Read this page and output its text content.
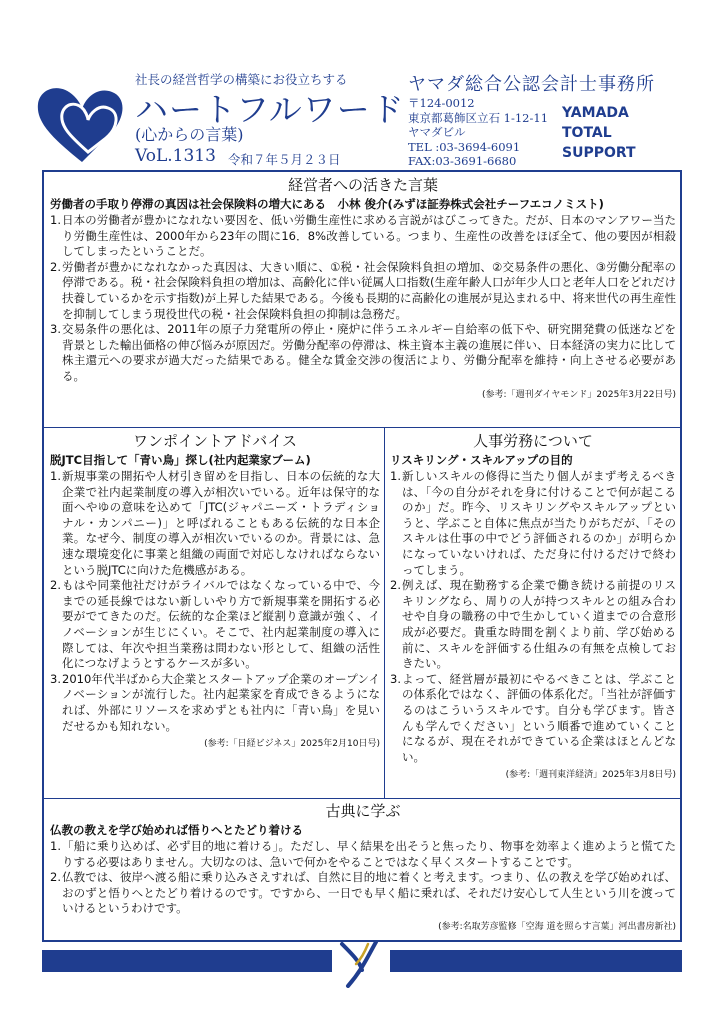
社長の経営哲学の構築にお役立ちする
ハートフルワード
(心からの言葉)
VoL.1313 令和７年５月２３日
ヤマダ総合公認会計士事務所
〒124-0012
東京都葛飾区立石 1-12-11
ヤマダビル
TEL :03-3694-6091
FAX:03-3691-6680
YAMADA
TOTAL
SUPPORT
経営者への活きた言葉
労働者の手取り停滞の真因は社会保険料の増大にある　小林 俊介(みずほ証券株式会社チーフエコノミスト)
1. 日本の労働者が豊かになれない要因を、低い労働生産性に求める言説がはびこってきた。だが、日本のマンアワー当たり労働生産性は、2000年から23年の間に16．8%改善している。つまり、生産性の改善をほぼ全て、他の要因が相殺してしまったということだ。
2. 労働者が豊かになれなかった真因は、大きい順に、①税・社会保険料負担の増加、②交易条件の悪化、③労働分配率の停滞である。税・社会保険料負担の増加は、高齢化に伴い従属人口指数(生産年齢人口が年少人口と老年人口をどれだけ扶養しているかを示す指数)が上昇した結果である。今後も長期的に高齢化の進展が見込まれる中、将来世代の再生産性を抑制してしまう現役世代の税・社会保険料負担の抑制は急務だ。
3. 交易条件の悪化は、2011年の原子力発電所の停止・廃炉に伴うエネルギー自給率の低下や、研究開発費の低迷などを背景とした輸出価格の伸び悩みが原因だ。労働分配率の停滞は、株主資本主義の進展に伴い、日本経済の実力に比して株主還元への要求が過大だった結果である。健全な賃金交渉の復活により、労働分配率を維持・向上させる必要がある。
(参考:「週刊ダイヤモンド」2025年3月22日号)
ワンポイントアドバイス
脱JTC目指して「青い鳥」探し(社内起業家ブーム)
1. 新規事業の開拓や人材引き留めを目指し、日本の伝統的な大企業で社内起業制度の導入が相次いでいる。近年は保守的な面へやゆの意味を込めて「JTC(ジャパニーズ・トラディショナル・カンパニー)」と呼ばれることもある伝統的な日本企業。なぜ今、制度の導入が相次いでいるのか。背景には、急速な環境変化に事業と組織の両面で対応しなければならないという脱JTCに向けた危機感がある。
2. もはや同業他社だけがライバルではなくなっている中で、今までの延長線ではない新しいやり方で新規事業を開拓する必要がでてきたのだ。伝統的な企業ほど縦割り意識が強く、イノベーションが生じにくい。そこで、社内起業制度の導入に際しては、年次や担当業務は問わない形として、組織の活性化につなげようとするケースが多い。
3. 2010年代半ばから大企業とスタートアップ企業のオープンイノベーションが流行した。社内起業家を育成できるようになれば、外部にリソースを求めずとも社内に「青い鳥」を見いだせるかも知れない。
(参考:「日経ビジネス」2025年2月10日号)
人事労務について
リスキリング・スキルアップの目的
1. 新しいスキルの修得に当たり個人がまず考えるべきは、「今の自分がそれを身に付けることで何が起こるのか」だ。昨今、リスキリングやスキルアップというと、学ぶこと自体に焦点が当たりがちだが、「そのスキルは仕事の中でどう評価されるのか」が明らかになっていないければ、ただ身に付けるだけで終わってしまう。
2. 例えば、現在勤務する企業で働き続ける前提のリスキリングなら、周りの人が持つスキルとの組み合わせや自身の職務の中で生かしていく道までの合意形成が必要だ。貴重な時間を割くより前、学び始める前に、スキルを評価する仕組みの有無を点検しておきたい。
3. よって、経営層が最初にやるべきことは、学ぶことの体系化ではなく、評価の体系化だ。「当社が評価するのはこういうスキルです。自分も学びます。皆さんも学んでください」という順番で進めていくことになるが、現在それができている企業はほとんどない。
(参考:「週刊東洋経済」2025年3月8日号)
古典に学ぶ
仏教の教えを学び始めれば悟りへとたどり着ける
1. 「船に乗り込めば、必ず目的地に着ける」。ただし、早く結果を出そうと焦ったり、物事を効率よく進めようと慌てたりする必要はありません。大切なのは、急いで何かをやることではなく早くスタートすることです。
2. 仏教では、彼岸へ渡る船に乗り込みさえすれば、自然に目的地に着くと考えます。つまり、仏の教えを学び始めれば、おのずと悟りへとたどり着けるのです。ですから、一日でも早く船に乗れば、それだけ安心して人生という川を渡っていけるというわけです。
(参考:名取芳彦監修「空海 道を照らす言葉」河出書房新社)
